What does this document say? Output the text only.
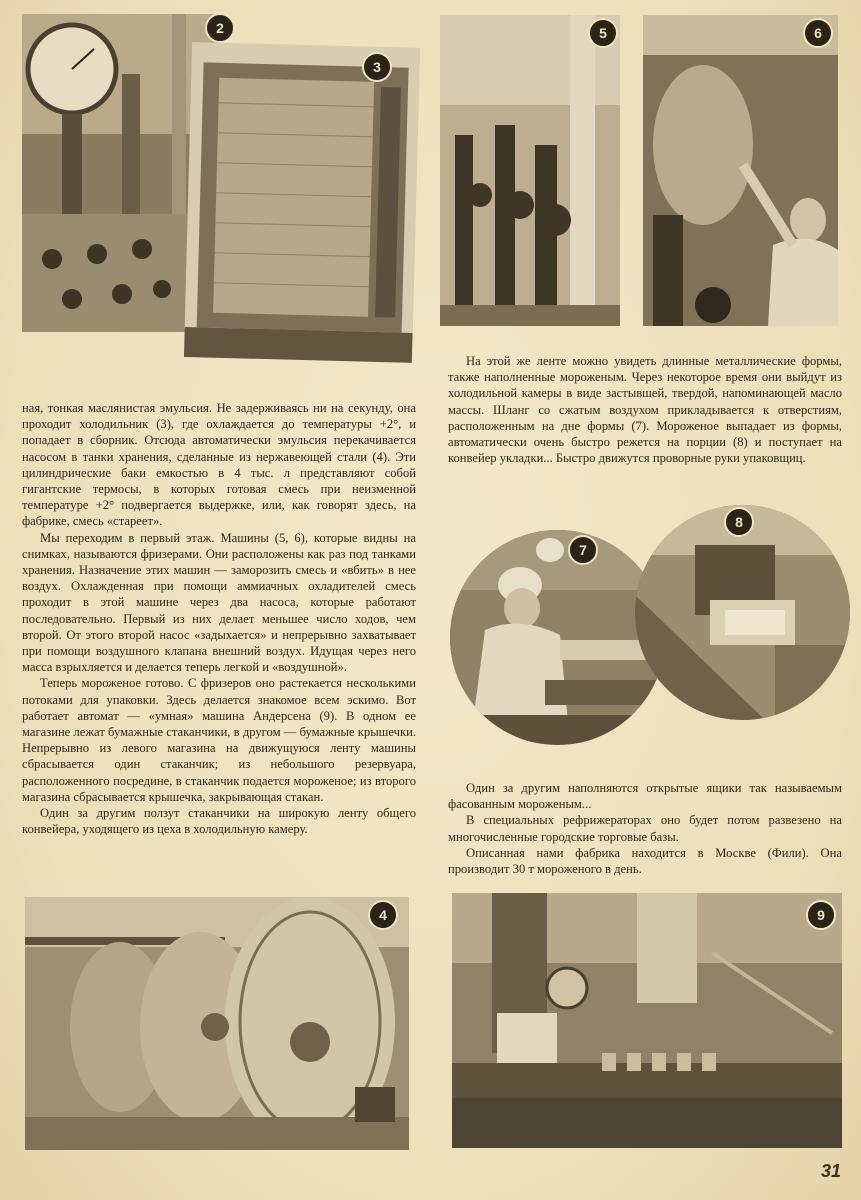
2
3
5	6

ная, тонкая маслянистая эмульсия. Не задерживаясь ни на секунду, она проходит холодильник (3), где охлаждается до температуры +2°, и попадает в сборник. Отсюда автоматически эмульсия перекачивается насосом в танки хранения, сделанные из нержавеющей стали (4). Эти цилиндрические баки емкостью в 4 тыс. л представляют собой гигантские термосы, в которых готовая смесь при неизменной температуре +2° подвергается выдержке, или, как говорят здесь, на фабрике, смесь «стареет».

Мы переходим в первый этаж. Машины (5, 6), которые видны на снимках, называются фризерами. Они расположены как раз под танками хранения. Назначение этих машин — заморозить смесь и «вбить» в нее воздух. Охлажденная при помощи аммиачных охладителей смесь проходит в этой машине через два насоса, которые работают последовательно. Первый из них делает меньшее число ходов, чем второй. От этого второй насос «задыхается» и непрерывно захватывает при помощи воздушного клапана внешний воздух. Идущая через него масса взрыхляется и делается теперь легкой и «воздушной».

Теперь мороженое готово. С фризеров оно растекается несколькими потоками для упаковки. Здесь делается знакомое всем эскимо. Вот работает автомат — «умная» машина Андерсена (9). В одном ее магазине лежат бумажные стаканчики, в другом — бумажные крышечки. Непрерывно из левого магазина на движущуюся ленту машины сбрасывается один стаканчик; из небольшого резервуара, расположенного посредине, в стаканчик подается мороженое; из второго магазина сбрасывается крышечка, закрывающая стакан.

Один за другим ползут стаканчики на широкую ленту общего конвейера, уходящего из цеха в холодильную камеру.

На этой же ленте можно увидеть длинные металлические формы, также наполненные мороженым. Через некоторое время они выйдут из холодильной камеры в виде застывшей, твердой, напоминающей масло массы. Шланг со сжатым воздухом прикладывается к отверстиям, расположенным на дне формы (7). Мороженое выпадает из формы, автоматически очень быстро режется на порции (8) и поступает на конвейер укладки... Быстро движутся проворные руки упаковщиц.

7
8

Один за другим наполняются открытые ящики так называемым фасованным мороженым...

В специальных рефрижераторах оно будет потом развезено на многочисленные городские торговые базы.

Описанная нами фабрика находится в Москве (Фили). Она производит 30 т мороженого в день.

4	9
31
